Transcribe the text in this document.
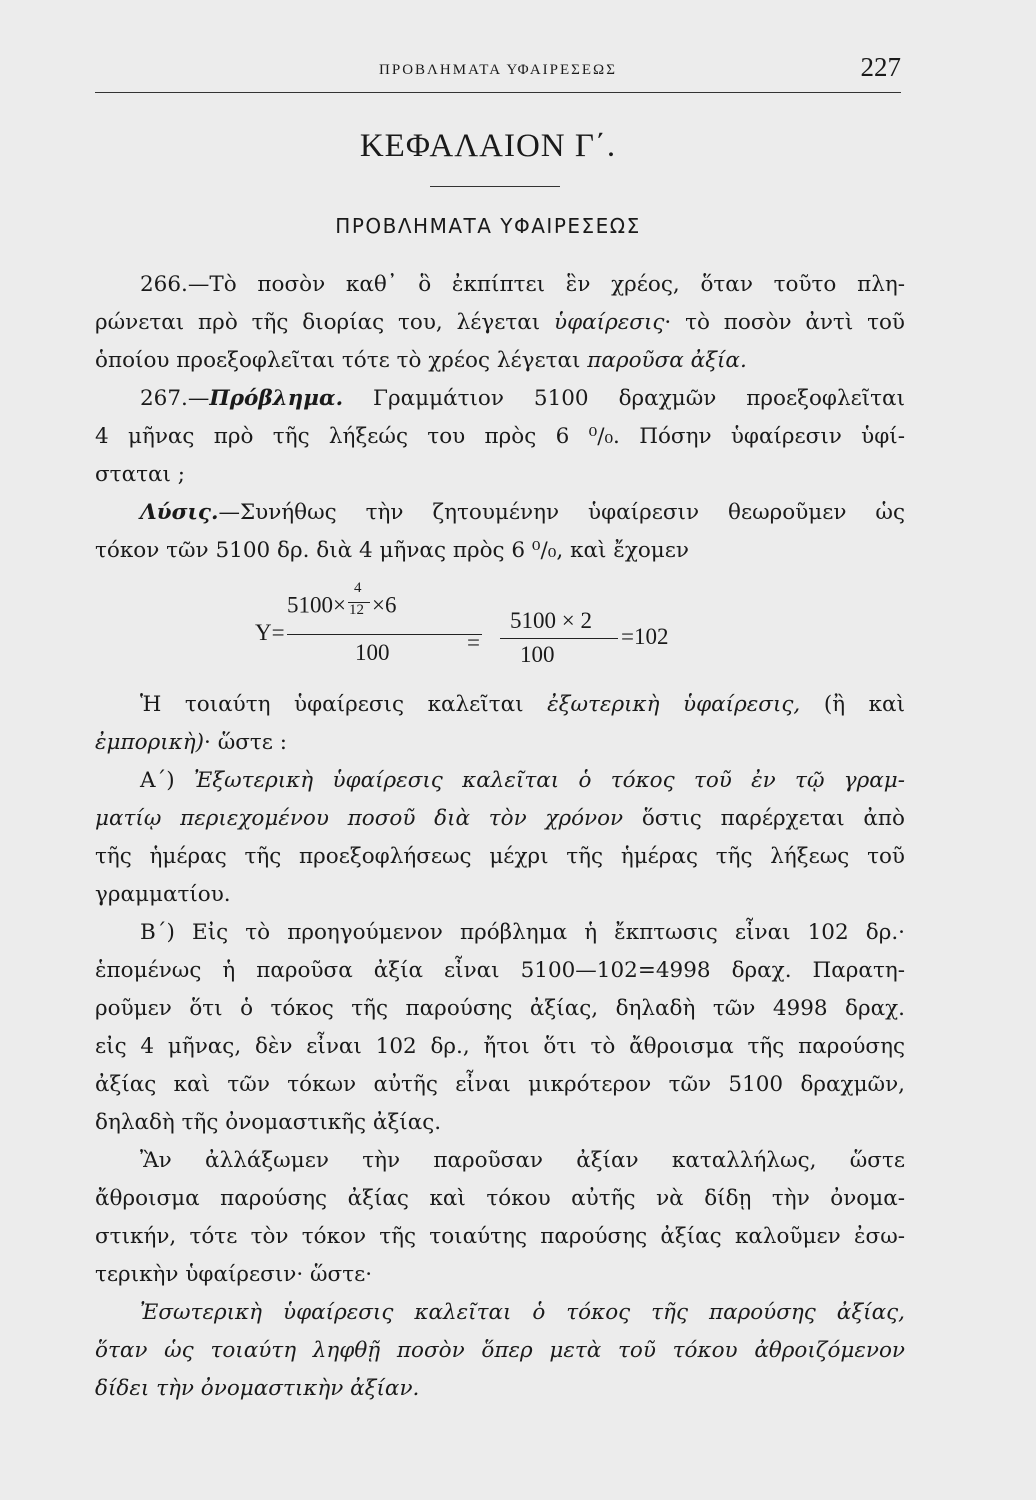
ΠΡΟΒΛΗΜΑΤΑ ΥΦΑΙΡΕΣΕΩΣ	227
ΚΕΦΑΛΑΙΟΝ Γ΄.
ΠΡΟΒΛΗΜΑΤΑ ΥΦΑΙΡΕΣΕΩΣ
266.—Τὸ ποσὸν καθ᾽ ὃ ἐκπίπτει ἓν χρέος, ὅταν τοῦτο πλη-
ρώνεται πρὸ τῆς διορίας του, λέγεται ὑφαίρεσις· τὸ ποσὸν ἀντὶ τοῦ
ὁποίου προεξοφλεῖται τότε τὸ χρέος λέγεται παροῦσα ἀξία.
267.—Πρόβλημα. Γραμμάτιον 5100 δραχμῶν προεξοφλεῖται
4 μῆνας πρὸ τῆς λήξεώς του πρὸς 6 ⁰/₀. Πόσην ὑφαίρεσιν ὑφί-
σταται ;
Λύσις.—Συνήθως τὴν ζητουμένην ὑφαίρεσιν θεωροῦμεν ὡς
τόκον τῶν 5100 δρ. διὰ 4 μῆνας πρὸς 6 ⁰/₀, καὶ ἔχομεν
Υ=
$5100\times \frac{4}{12} \times 6$
100	=
5100 × 2
100
=102
Ἡ τοιαύτη ὑφαίρεσις καλεῖται ἐξωτερικὴ ὑφαίρεσις, (ἢ καὶ
ἐμπορικὴ)· ὥστε :
Α΄) Ἐξωτερικὴ ὑφαίρεσις καλεῖται ὁ τόκος τοῦ ἐν τῷ γραμ-
ματίῳ περιεχομένου ποσοῦ διὰ τὸν χρόνον ὅστις παρέρχεται ἀπὸ
τῆς ἡμέρας τῆς προεξοφλήσεως μέχρι τῆς ἡμέρας τῆς λήξεως τοῦ
γραμματίου.
Β΄) Εἰς τὸ προηγούμενον πρόβλημα ἡ ἔκπτωσις εἶναι 102 δρ.·
ἑπομένως ἡ παροῦσα ἀξία εἶναι 5100—102=4998 δραχ. Παρατη-
ροῦμεν ὅτι ὁ τόκος τῆς παρούσης ἀξίας, δηλαδὴ τῶν 4998 δραχ.
εἰς 4 μῆνας, δὲν εἶναι 102 δρ., ἤτοι ὅτι τὸ ἄθροισμα τῆς παρούσης
ἀξίας καὶ τῶν τόκων αὐτῆς εἶναι μικρότερον τῶν 5100 δραχμῶν,
δηλαδὴ τῆς ὀνομαστικῆς ἀξίας.
Ἂν ἀλλάξωμεν τὴν παροῦσαν ἀξίαν καταλλήλως, ὥστε
ἄθροισμα παρούσης ἀξίας καὶ τόκου αὐτῆς νὰ δίδῃ τὴν ὀνομα-
στικήν, τότε τὸν τόκον τῆς τοιαύτης παρούσης ἀξίας καλοῦμεν ἐσω-
τερικὴν ὑφαίρεσιν· ὥστε·
Ἐσωτερικὴ ὑφαίρεσις καλεῖται ὁ τόκος τῆς παρούσης ἀξίας,
ὅταν ὡς τοιαύτη ληφθῇ ποσὸν ὅπερ μετὰ τοῦ τόκου ἀθροιζόμενον
δίδει τὴν ὀνομαστικὴν ἀξίαν.
